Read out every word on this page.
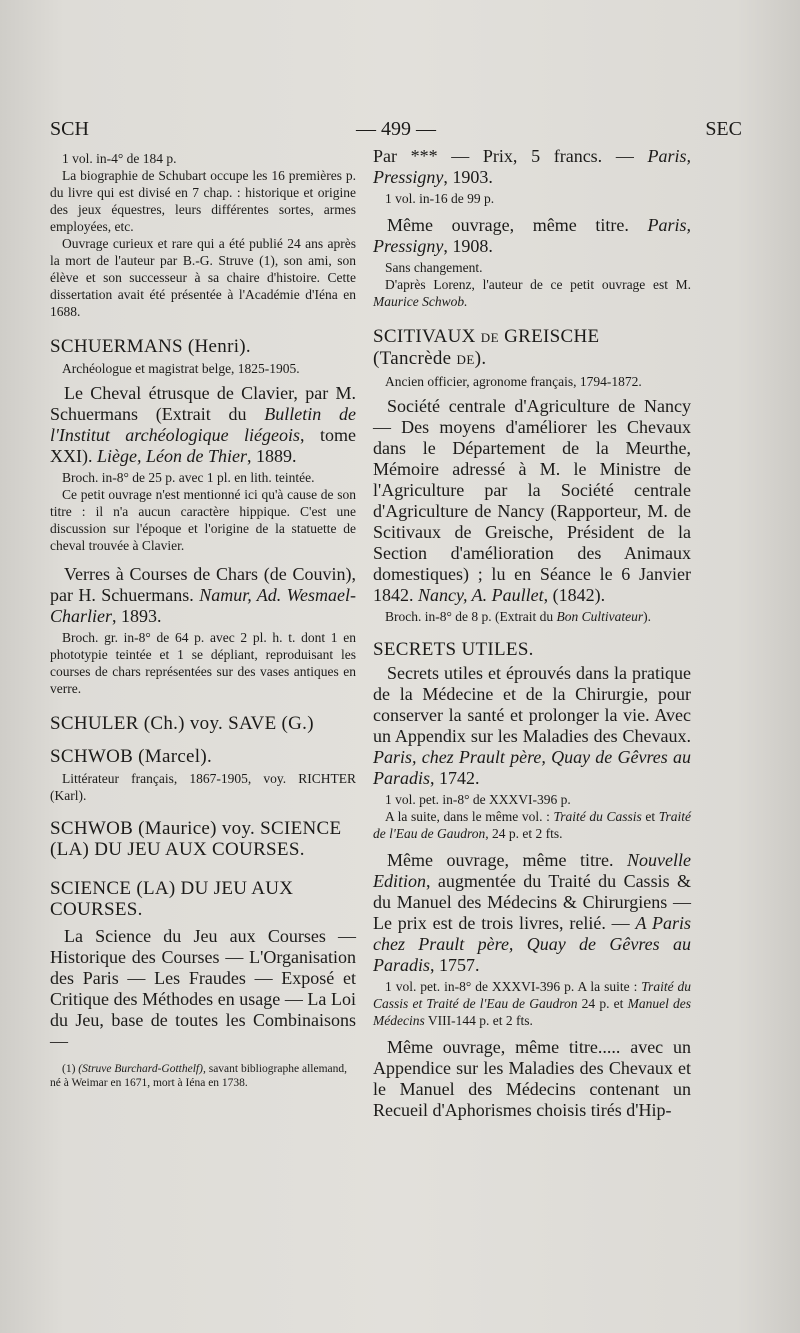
SCH	— 499 —	SEC

1 vol. in-4° de 184 p.

La biographie de Schubart occupe les 16 premières p. du livre qui est divisé en 7 chap. : historique et origine des jeux équestres, leurs différentes sortes, armes employées, etc.

Ouvrage curieux et rare qui a été publié 24 ans après la mort de l'auteur par B.-G. Struve (1), son ami, son élève et son successeur à sa chaire d'histoire. Cette dissertation avait été présentée à l'Académie d'Iéna en 1688.

SCHUERMANS (Henri).

Archéologue et magistrat belge, 1825-1905.

Le Cheval étrusque de Clavier, par M. Schuermans (Extrait du Bulletin de l'Institut archéologique liégeois, tome XXI). Liège, Léon de Thier, 1889.

Broch. in-8° de 25 p. avec 1 pl. en lith. teintée.

Ce petit ouvrage n'est mentionné ici qu'à cause de son titre : il n'a aucun caractère hippique. C'est une discussion sur l'époque et l'origine de la statuette de cheval trouvée à Clavier.

Verres à Courses de Chars (de Couvin), par H. Schuermans. Namur, Ad. Wesmael-Charlier, 1893.

Broch. gr. in-8° de 64 p. avec 2 pl. h. t. dont 1 en phototypie teintée et 1 se dépliant, reproduisant les courses de chars représentées sur des vases antiques en verre.

SCHULER (Ch.) voy. SAVE (G.)
SCHWOB (Marcel).

Littérateur français, 1867-1905, voy. RICHTER (Karl).

SCHWOB (Maurice) voy. SCIENCE (LA) DU JEU AUX COURSES.
SCIENCE (LA) DU JEU AUX COURSES.

La Science du Jeu aux Courses — Historique des Courses — L'Organisation des Paris — Les Fraudes — Exposé et Critique des Méthodes en usage — La Loi du Jeu, base de toutes les Combinaisons —

(1) (Struve Burchard-Gotthelf), savant bibliographe allemand, né à Weimar en 1671, mort à Iéna en 1738.

Par *** — Prix, 5 francs. — Paris, Pressigny, 1903.

1 vol. in-16 de 99 p.

Même ouvrage, même titre. Paris, Pressigny, 1908.

Sans changement.

D'après Lorenz, l'auteur de ce petit ouvrage est M. Maurice Schwob.

SCITIVAUX DE GREISCHE
(Tancrède DE).

Ancien officier, agronome français, 1794-1872.

Société centrale d'Agriculture de Nancy — Des moyens d'améliorer les Chevaux dans le Département de la Meurthe, Mémoire adressé à M. le Ministre de l'Agriculture par la Société centrale d'Agriculture de Nancy (Rapporteur, M. de Scitivaux de Greische, Président de la Section d'amélioration des Animaux domestiques) ; lu en Séance le 6 Janvier 1842. Nancy, A. Paullet, (1842).

Broch. in-8° de 8 p. (Extrait du Bon Cultivateur).

SECRETS UTILES.

Secrets utiles et éprouvés dans la pratique de la Médecine et de la Chirurgie, pour conserver la santé et prolonger la vie. Avec un Appendix sur les Maladies des Chevaux. Paris, chez Prault père, Quay de Gêvres au Paradis, 1742.

1 vol. pet. in-8° de XXXVI-396 p.

A la suite, dans le même vol. : Traité du Cassis et Traité de l'Eau de Gaudron, 24 p. et 2 fts.

Même ouvrage, même titre. Nouvelle Edition, augmentée du Traité du Cassis & du Manuel des Médecins & Chirurgiens — Le prix est de trois livres, relié. — A Paris chez Prault père, Quay de Gêvres au Paradis, 1757.

1 vol. pet. in-8° de XXXVI-396 p. A la suite : Traité du Cassis et Traité de l'Eau de Gaudron 24 p. et Manuel des Médecins VIII-144 p. et 2 fts.

Même ouvrage, même titre..... avec un Appendice sur les Maladies des Chevaux et le Manuel des Médecins contenant un Recueil d'Aphorismes choisis tirés d'Hip-
